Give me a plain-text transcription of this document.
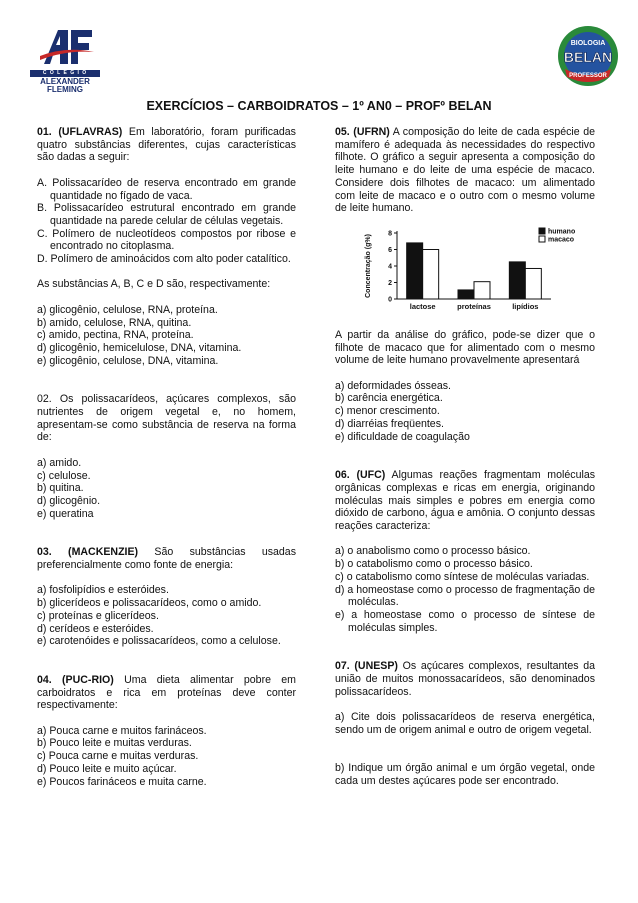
C O L É G I O
ALEXANDER
FLEMING
BIOLOGIA
BELAN
PROFESSOR
EXERCÍCIOS – CARBOIDRATOS – 1º AN0 – PROFº BELAN

01. (UFLAVRAS) Em laboratório, foram purificadas quatro substâncias diferentes, cujas características são dadas a seguir:

A. Polissacarídeo de reserva encontrado em grande quantidade no fígado de vaca.
B. Polissacarídeo estrutural encontrado em grande quantidade na parede celular de células vegetais.
C. Polímero de nucleotídeos compostos por ribose e encontrado no citoplasma.
D. Polímero de aminoácidos com alto poder catalítico.

As substâncias A, B, C e D são, respectivamente:

a) glicogênio, celulose, RNA, proteína.
b) amido, celulose, RNA, quitina.
c) amido, pectina, RNA, proteína.
d) glicogênio, hemicelulose, DNA, vitamina.
e) glicogênio, celulose, DNA, vitamina.

02. Os polissacarídeos, açúcares complexos, são nutrientes de origem vegetal e, no homem, apresentam-se como substância de reserva na forma de:

a) amido.
c) celulose.
b) quitina.
d) glicogênio.
e) queratina

03. (MACKENZIE) São substâncias usadas preferencialmente como fonte de energia:

a) fosfolipídios e esteróides.
b) glicerídeos e polissacarídeos, como o amido.
c) proteínas e glicerídeos.
d) cerídeos e esteróides.
e) carotenóides e polissacarídeos, como a celulose.

04. (PUC-RIO) Uma dieta alimentar pobre em carboidratos e rica em proteínas deve conter respectivamente:

a) Pouca carne e muitos farináceos.
b) Pouco leite e muitas verduras.
c) Pouca carne e muitas verduras.
d) Pouco leite e muito açúcar.
e) Poucos farináceos e muita carne.

05. (UFRN) A composição do leite de cada espécie de mamífero é adequada às necessidades do respectivo filhote. O gráfico a seguir apresenta a composição do leite humano e do leite de uma espécie de macaco. Considere dois filhotes de macaco: um alimentado com leite de macaco e o outro com o mesmo volume de leite humano.

Concentração (g%)
0
2
4
6
8
lactose	proteínas	lipídios
humano
macaco

A partir da análise do gráfico, pode-se dizer que o filhote de macaco que for alimentado com o mesmo volume de leite humano provavelmente apresentará

a) deformidades ósseas.
b) carência energética.
c) menor crescimento.
d) diarréias freqüentes.
e) dificuldade de coagulação

06. (UFC) Algumas reações fragmentam moléculas orgânicas complexas e ricas em energia, originando moléculas mais simples e pobres em energia como dióxido de carbono, água e amônia. O conjunto dessas reações caracteriza:

a) o anabolismo como o processo básico.
b) o catabolismo como o processo básico.
c) o catabolismo como síntese de moléculas variadas.
d) a homeostase como o processo de fragmentação de moléculas.
e) a homeostase como o processo de síntese de moléculas simples.

07. (UNESP) Os açúcares complexos, resultantes da união de muitos monossacarídeos, são denominados polissacarídeos.

a) Cite dois polissacarídeos de reserva energética, sendo um de origem animal e outro de origem vegetal.

b) Indique um órgão animal e um órgão vegetal, onde cada um destes açúcares pode ser encontrado.
